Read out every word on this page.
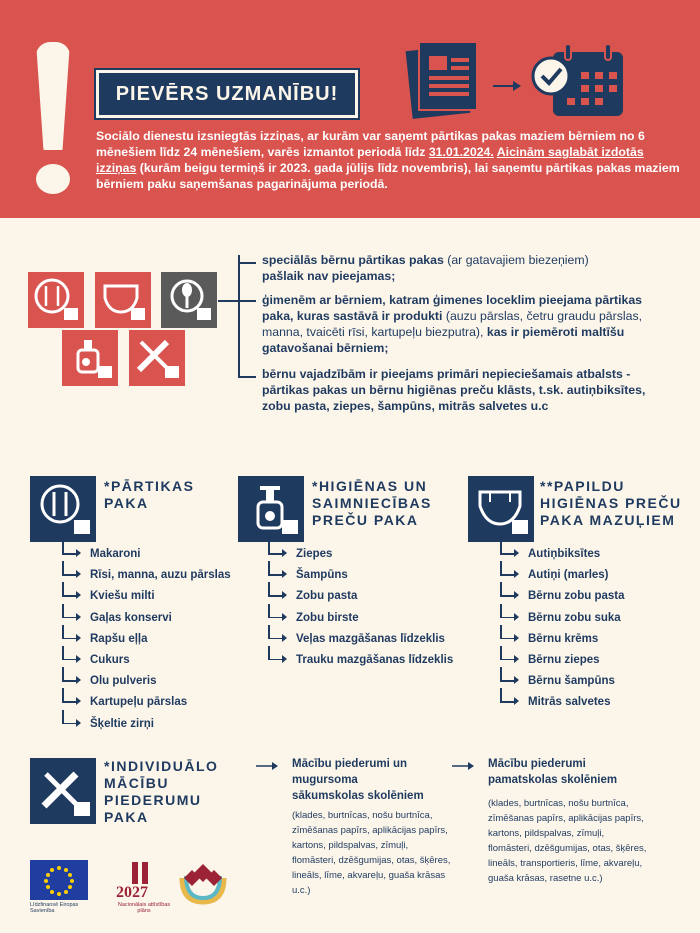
PIEVĒRS UZMANĪBU!
Sociālo dienestu izsniegtās izziņas, ar kurām var saņemt pārtikas pakas maziem bērniem no 6 mēnešiem līdz 24 mēnešiem, varēs izmantot periodā līdz 31.01.2024. Aicinām saglabāt izdotās izziņas (kurām beigu termiņš ir 2023. gada jūlijs līdz novembris), lai saņemtu pārtikas pakas maziem bērniem paku saņemšanas pagarinājuma periodā.
speciālās bērnu pārtikas pakas (ar gatavajiem biezeņiem)
pašlaik nav pieejamas;
ģimenēm ar bērniem, katram ģimenes loceklim pieejama pārtikas paka, kuras sastāvā ir produkti (auzu pārslas, četru graudu pārslas, manna, tvaicēti rīsi, kartupeļu biezputra), kas ir piemēroti maltīšu gatavošanai bērniem;
bērnu vajadzībām ir pieejams primāri nepieciešamais atbalsts - pārtikas pakas un bērnu higiēnas preču klāsts, t.sk. autiņbiksītes, zobu pasta, ziepes, šampūns, mitrās salvetes u.c
*PĀRTIKAS PAKA
Makaroni
Rīsi, manna, auzu pārslas
Kviešu milti
Gaļas konservi
Rapšu eļļa
Cukurs
Olu pulveris
Kartupeļu pārslas
Šķeltie zirņi
*HIGIĒNAS UN SAIMNIECĪBAS PREČU PAKA
Ziepes
Šampūns
Zobu pasta
Zobu birste
Veļas mazgāšanas līdzeklis
Trauku mazgāšanas līdzeklis
**PAPILDU HIGIĒNAS PREČU PAKA MAZUĻIEM
Autiņbiksītes
Autiņi (marles)
Bērnu zobu pasta
Bērnu zobu suka
Bērnu krēms
Bērnu ziepes
Bērnu šampūns
Mitrās salvetes
*INDIVIDUĀLO MĀCĪBU PIEDERUMU PAKA
Mācību piederumi un mugursoma sākumskolas skolēniem
(klades, burtnīcas, nošu burtnīca, zīmēšanas papīrs, aplikācijas papīrs, kartons, pildspalvas, zīmuļi, flomāsteri, dzēšgumijas, otas, šķēres, lineāls, līme, akvareļu, guaša krāsas u.c.)
Mācību piederumi pamatskolas skolēniem
(klades, burtnīcas, nošu burtnīca, zīmēšanas papīrs, aplikācijas papīrs, kartons, pildspalvas, zīmuļi, flomāsteri, dzēšgumijas, otas, šķēres, lineāls, transportieris, līme, akvareļu, guaša krāsas, rasetne u.c.)
Līdzfinansē Eiropas Savienība
2027
Nacionālais attīstības plāns
